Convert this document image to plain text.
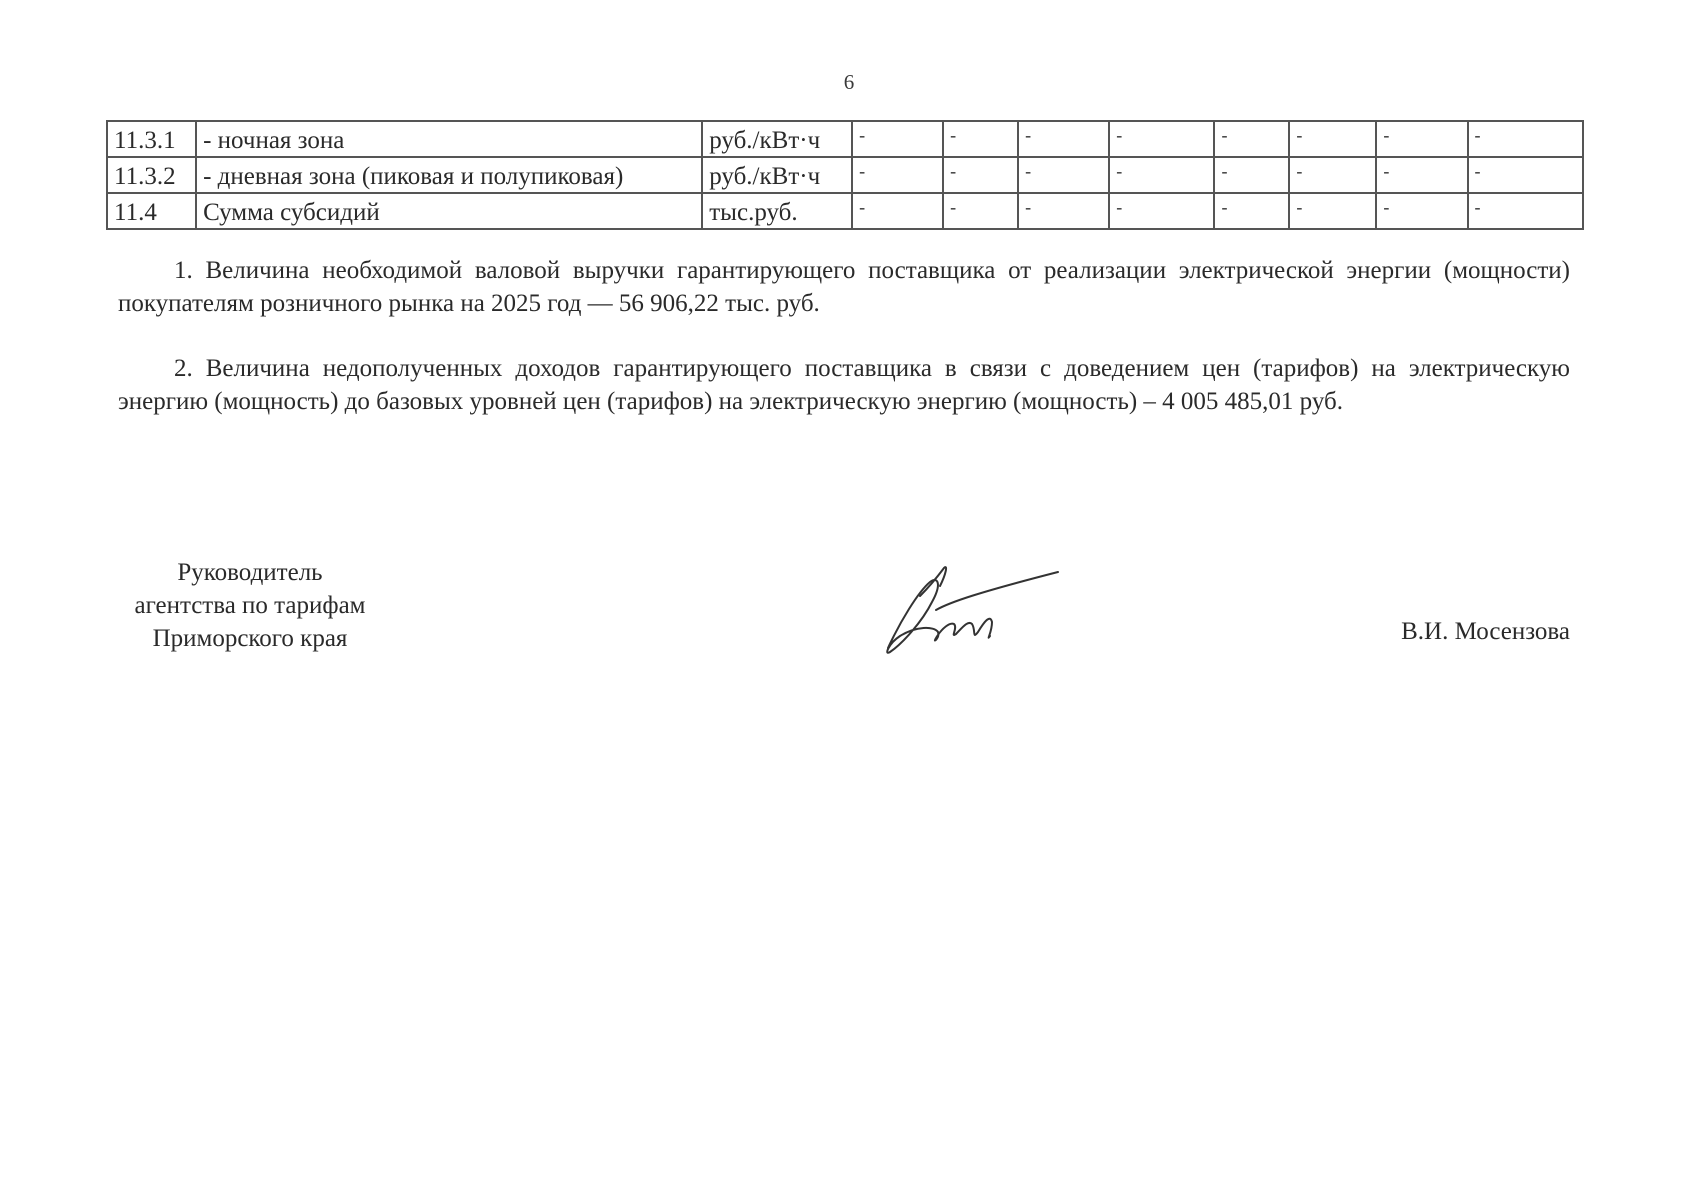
6
11.3.1	- ночная зона	руб./кВт·ч	-	-	-	-	-	-	-	-
11.3.2	- дневная зона (пиковая и полупиковая)	руб./кВт·ч	-	-	-	-	-	-	-	-
11.4	Сумма субсидий	тыс.руб.	-	-	-	-	-	-	-	-

1. Величина необходимой валовой выручки гарантирующего поставщика от реализации электрической энергии (мощности) покупателям розничного рынка на 2025 год — 56 906,22 тыс. руб.

2. Величина недополученных доходов гарантирующего поставщика в связи с доведением цен (тарифов) на электрическую энергию (мощность) до базовых уровней цен (тарифов) на электрическую энергию (мощность) – 4 005 485,01 руб.

Руководитель
агентства по тарифам
Приморского края	В.И. Мосензова
